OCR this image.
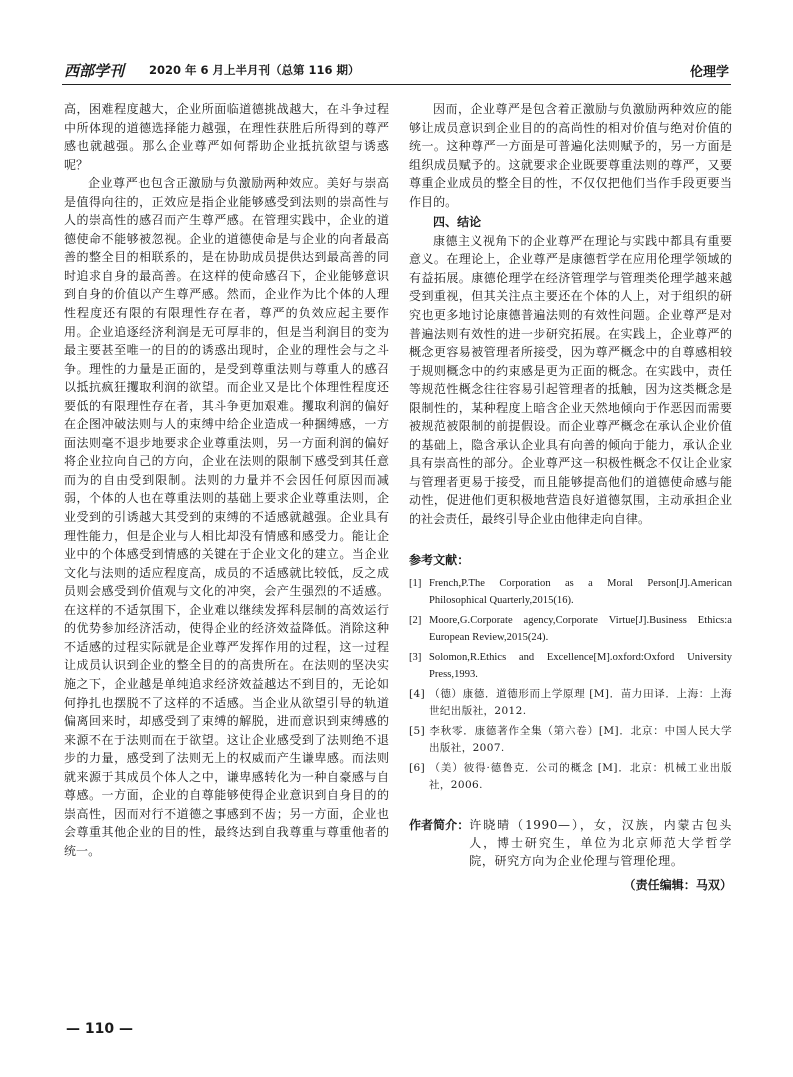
西部学刊 2020 年 6 月上半月刊（总第 116 期）	伦理学

高，困难程度越大，企业所面临道德挑战越大，在斗争过程中所体现的道德选择能力越强，在理性获胜后所得到的尊严感也就越强。那么企业尊严如何帮助企业抵抗欲望与诱惑呢？

企业尊严也包含正激励与负激励两种效应。美好与崇高是值得向往的，正效应是指企业能够感受到法则的崇高性与人的崇高性的感召而产生尊严感。在管理实践中，企业的道德使命不能够被忽视。企业的道德使命是与企业的向者最高善的整全目的相联系的，是在协助成员提供达到最高善的同时追求自身的最高善。在这样的使命感召下，企业能够意识到自身的价值以产生尊严感。然而，企业作为比个体的人理性程度还有限的有限理性存在者，尊严的负效应起主要作用。企业追逐经济利润是无可厚非的，但是当利润目的变为最主要甚至唯一的目的的诱惑出现时，企业的理性会与之斗争。理性的力量是正面的，是受到尊重法则与尊重人的感召以抵抗疯狂攫取利润的欲望。而企业又是比个体理性程度还要低的有限理性存在者，其斗争更加艰难。攫取利润的偏好在企图冲破法则与人的束缚中给企业造成一种捆缚感，一方面法则毫不退步地要求企业尊重法则，另一方面利润的偏好将企业拉向自己的方向，企业在法则的限制下感受到其任意而为的自由受到限制。法则的力量并不会因任何原因而减弱，个体的人也在尊重法则的基础上要求企业尊重法则，企业受到的引诱越大其受到的束缚的不适感就越强。企业具有理性能力，但是企业与人相比却没有情感和感受力。能让企业中的个体感受到情感的关键在于企业文化的建立。当企业文化与法则的适应程度高，成员的不适感就比较低，反之成员则会感受到价值观与文化的冲突，会产生强烈的不适感。在这样的不适氛围下，企业难以继续发挥科层制的高效运行的优势参加经济活动，使得企业的经济效益降低。消除这种不适感的过程实际就是企业尊严发挥作用的过程，这一过程让成员认识到企业的整全目的的高贵所在。在法则的坚决实施之下，企业越是单纯追求经济效益越达不到目的，无论如何挣扎也摆脱不了这样的不适感。当企业从欲望引导的轨道偏离回来时，却感受到了束缚的解脱，进而意识到束缚感的来源不在于法则而在于欲望。这让企业感受到了法则绝不退步的力量，感受到了法则无上的权威而产生谦卑感。而法则就来源于其成员个体人之中，谦卑感转化为一种自豪感与自尊感。一方面，企业的自尊能够使得企业意识到自身目的的崇高性，因而对行不道德之事感到不齿；另一方面，企业也会尊重其他企业的目的性，最终达到自我尊重与尊重他者的统一。

因而，企业尊严是包含着正激励与负激励两种效应的能够让成员意识到企业目的的高尚性的相对价值与绝对价值的统一。这种尊严一方面是可普遍化法则赋予的，另一方面是组织成员赋予的。这就要求企业既要尊重法则的尊严，又要尊重企业成员的整全目的性，不仅仅把他们当作手段更要当作目的。

四、结论

康德主义视角下的企业尊严在理论与实践中都具有重要意义。在理论上，企业尊严是康德哲学在应用伦理学领域的有益拓展。康德伦理学在经济管理学与管理类伦理学越来越受到重视，但其关注点主要还在个体的人上，对于组织的研究也更多地讨论康德普遍法则的有效性问题。企业尊严是对普遍法则有效性的进一步研究拓展。在实践上，企业尊严的概念更容易被管理者所接受，因为尊严概念中的自尊感相较于规则概念中的约束感是更为正面的概念。在实践中，责任等规范性概念往往容易引起管理者的抵触，因为这类概念是限制性的，某种程度上暗含企业天然地倾向于作恶因而需要被规范被限制的前提假设。而企业尊严概念在承认企业价值的基础上，隐含承认企业具有向善的倾向于能力，承认企业具有崇高性的部分。企业尊严这一积极性概念不仅让企业家与管理者更易于接受，而且能够提高他们的道德使命感与能动性，促进他们更积极地营造良好道德氛围，主动承担企业的社会责任，最终引导企业由他律走向自律。

参考文献：
[1] French,P.The Corporation as a Moral Person[J].American Philosophical Quarterly,2015(16).
[2] Moore,G.Corporate agency,Corporate Virtue[J].Business Ethics:a European Review,2015(24).
[3] Solomon,R.Ethics and Excellence[M].oxford:Oxford University Press,1993.
[4] （德）康德．道德形而上学原理 [M]．苗力田译．上海：上海世纪出版社，2012.
[5] 李秋零．康德著作全集（第六卷）[M]．北京：中国人民大学出版社，2007.
[6] （美）彼得·德鲁克．公司的概念 [M]．北京：机械工业出版社，2006.
作者简介： 许晓晴（1990—），女，汉族，内蒙古包头人，博士研究生，单位为北京师范大学哲学院，研究方向为企业伦理与管理伦理。
（责任编辑：马双）
— 110 —
